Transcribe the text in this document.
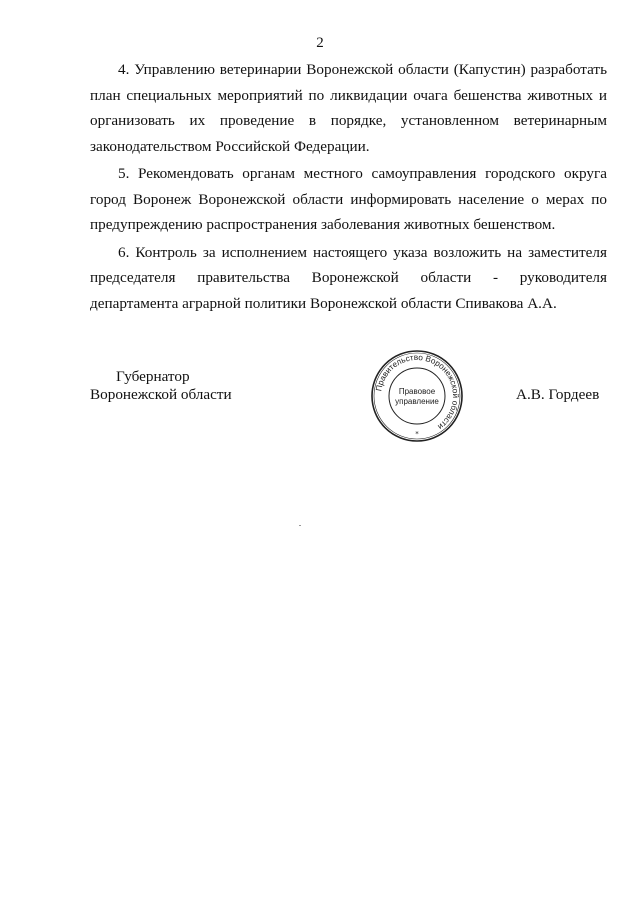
2
4. Управлению ветеринарии Воронежской области (Капустин) разработать
план специальных мероприятий по ликвидации очага бешенства животных и
организовать их проведение в порядке, установленном ветеринарным
законодательством Российской Федерации.
5. Рекомендовать органам местного самоуправления городского округа
город Воронеж Воронежской области информировать население о мерах по
предупреждению распространения заболевания животных бешенством.
6. Контроль за исполнением настоящего указа возложить на заместителя
председателя правительства Воронежской области - руководителя
департамента аграрной политики Воронежской области Спивакова А.А.
Губернатор
Воронежской области	Правительство Воронежской области
Правовое
управление
*
А.В. Гордеев
